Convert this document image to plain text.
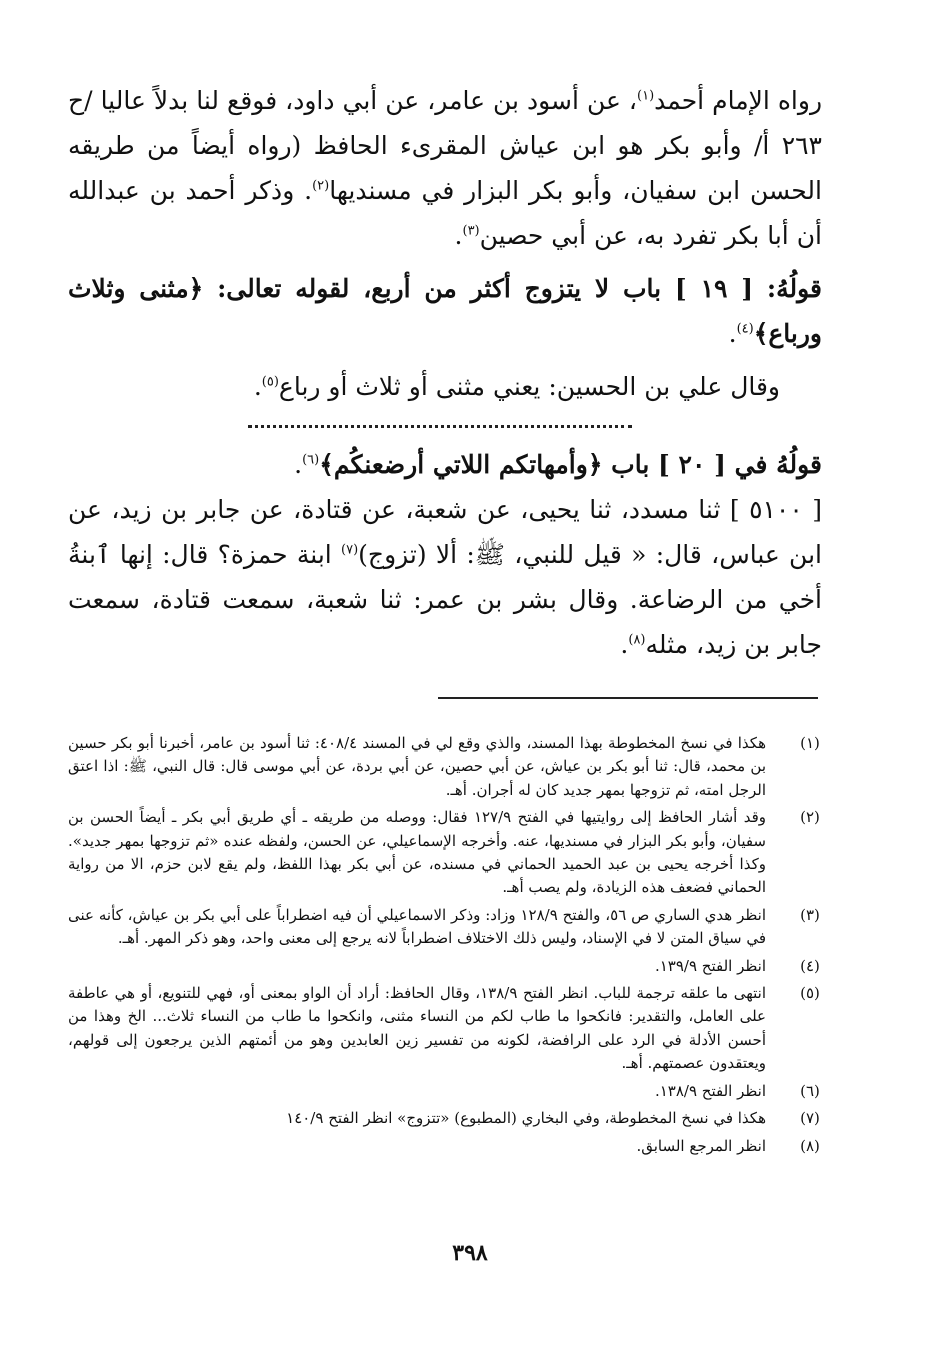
رواه الإمام أحمد$^{(١)}$، عن أسود بن عامر، عن أبي داود، فوقع لنا بدلاً عاليا /ح ٢٦٣ أ/ وأبو بكر هو ابن عياش المقرىء الحافظ (رواه أيضاً من طريقه الحسن ابن سفيان، وأبو بكر البزار في مسنديها$^{(٢)}$. وذكر أحمد بن عبدالله أن أبا بكر تفرد به، عن أبي حصين$^{(٣)}$.

قولُهُ: [ ١٩ ] باب لا يتزوج أكثر من أربع، لقوله تعالى: ﴿مثنى وثلاث ورباع﴾$^{(٤)}$.

وقال علي بن الحسين: يعني مثنى أو ثلاث أو رباع$^{(٥)}$.

قولُهُ في [ ٢٠ ] باب ﴿وأمهاتكم اللاتي أرضعنكُم﴾$^{(٦)}$.

[ ٥١٠٠ ] ثنا مسدد، ثنا يحيى، عن شعبة، عن قتادة، عن جابر بن زيد، عن ابن عباس، قال: « قيل للنبي، ﷺ: ألا (تزوج)$^{(٧)}$ ابنة حمزة؟ قال: إنها ٱبنةُ أخي من الرضاعة. وقال بشر بن عمر: ثنا شعبة، سمعت قتادة، سمعت جابر بن زيد، مثله$^{(٨)}$.

(١)
هكذا في نسخ المخطوطة بهذا المسند، والذي وقع لي في المسند ٤٠٨/٤: ثنا أسود بن عامر، أخبرنا أبو بكر حسين بن محمد، قال: ثنا أبو بكر بن عياش، عن أبي حصين، عن أبي بردة، عن أبي موسى قال: قال النبي، ﷺ: اذا اعتق الرجل امته، ثم تزوجها بمهر جديد كان له أجران. أهـ.
(٢)
وقد أشار الحافظ إلى روايتيها في الفتح ١٢٧/٩ فقال: ووصله من طريقه ـ أي طريق أبي بكر ـ أيضاً الحسن بن سفيان، وأبو بكر البزار في مسنديها، عنه. وأخرجه الإسماعيلي، عن الحسن، ولفظه عنده «ثم تزوجها بمهر جديد». وكذا أخرجه يحيى بن عبد الحميد الحماني في مسنده، عن أبي بكر بهذا اللفظ، ولم يقع لابن حزم، الا من رواية الحماني فضعف هذه الزيادة، ولم يصب أهـ.
(٣)
انظر هدي الساري ص ٥٦، والفتح ١٢٨/٩ وزاد: وذكر الاسماعيلي أن فيه اضطراباً على أبي بكر بن عياش، كأنه عنى في سياق المتن لا في الإسناد، وليس ذلك الاختلاف اضطراباً لانه يرجع إلى معنى واحد، وهو ذكر المهر. أهـ.
(٤)
انظر الفتح ١٣٩/٩.
(٥)
انتهى ما علقه ترجمة للباب. انظر الفتح ١٣٨/٩، وقال الحافظ: أراد أن الواو بمعنى أو، فهي للتنويع، أو هي عاطفة على العامل، والتقدير: فانكحوا ما طاب لكم من النساء مثنى، وانكحوا ما طاب من النساء ثلاث... الخ وهذا من أحسن الأدلة في الرد على الرافضة، لكونه من تفسير زين العابدين وهو من أئمتهم الذين يرجعون إلى قولهم، ويعتقدون عصمتهم. أهـ.
(٦)
انظر الفتح ١٣٨/٩.
(٧)
هكذا في نسخ المخطوطة، وفي البخاري (المطبوع) «تتزوج» انظر الفتح ١٤٠/٩
(٨)
انظر المرجع السابق.
٣٩٨
